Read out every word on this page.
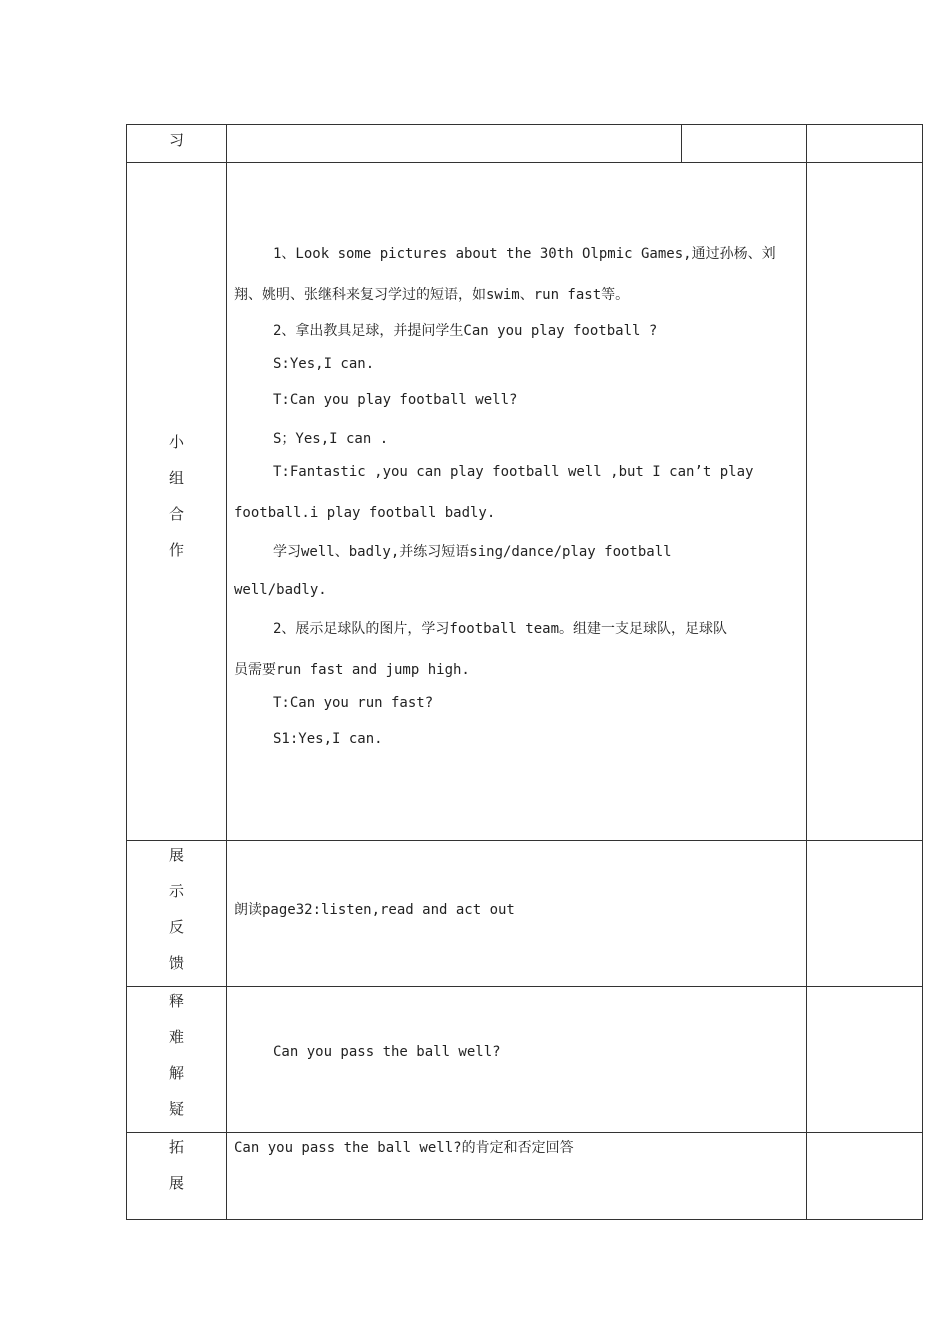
习
小
组
合
作
1、Look some pictures about the 30th Olpmic Games,通过孙杨、刘
翔、姚明、张继科来复习学过的短语，如swim、run fast等。
2、拿出教具足球，并提问学生Can you play football ?
S:Yes,I can.
T:Can you play football well?
S；Yes,I can .
T:Fantastic ,you can play football well ,but I can’t play
football.i play football badly.
学习well、badly,并练习短语sing/dance/play football
well/badly.
2、展示足球队的图片，学习football team。组建一支足球队，足球队
员需要run fast and jump high.
T:Can you run fast?
S1:Yes,I can.
展
示
反
馈
朗读page32:listen,read and act out
释
难
解
疑
Can you pass the ball well?
拓
展
Can you pass the ball well?的肯定和否定回答
